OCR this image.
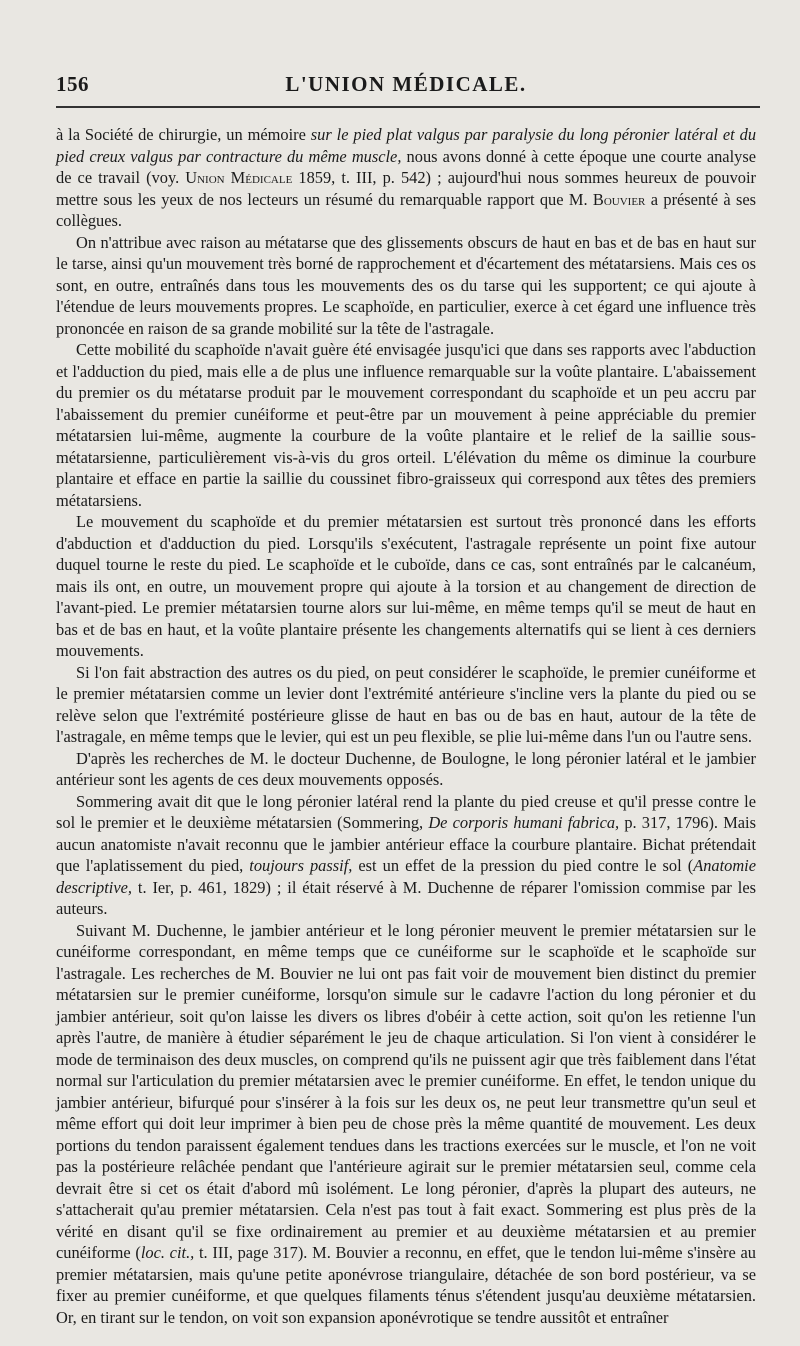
156	L'UNION MÉDICALE.

à la Société de chirurgie, un mémoire sur le pied plat valgus par paralysie du long péronier latéral et du pied creux valgus par contracture du même muscle, nous avons donné à cette époque une courte analyse de ce travail (voy. Union Médicale 1859, t. III, p. 542) ; aujourd'hui nous sommes heureux de pouvoir mettre sous les yeux de nos lecteurs un résumé du remarquable rapport que M. Bouvier a présenté à ses collègues.

On n'attribue avec raison au métatarse que des glissements obscurs de haut en bas et de bas en haut sur le tarse, ainsi qu'un mouvement très borné de rapprochement et d'écartement des métatarsiens. Mais ces os sont, en outre, entraînés dans tous les mouvements des os du tarse qui les supportent; ce qui ajoute à l'étendue de leurs mouvements propres. Le scaphoïde, en particulier, exerce à cet égard une influence très prononcée en raison de sa grande mobilité sur la tête de l'astragale.

Cette mobilité du scaphoïde n'avait guère été envisagée jusqu'ici que dans ses rapports avec l'abduction et l'adduction du pied, mais elle a de plus une influence remarquable sur la voûte plantaire. L'abaissement du premier os du métatarse produit par le mouvement correspondant du scaphoïde et un peu accru par l'abaissement du premier cunéiforme et peut-être par un mouvement à peine appréciable du premier métatarsien lui-même, augmente la courbure de la voûte plantaire et le relief de la saillie sous-métatarsienne, particulièrement vis-à-vis du gros orteil. L'élévation du même os diminue la courbure plantaire et efface en partie la saillie du coussinet fibro-graisseux qui correspond aux têtes des premiers métatarsiens.

Le mouvement du scaphoïde et du premier métatarsien est surtout très prononcé dans les efforts d'abduction et d'adduction du pied. Lorsqu'ils s'exécutent, l'astragale représente un point fixe autour duquel tourne le reste du pied. Le scaphoïde et le cuboïde, dans ce cas, sont entraînés par le calcanéum, mais ils ont, en outre, un mouvement propre qui ajoute à la torsion et au changement de direction de l'avant-pied. Le premier métatarsien tourne alors sur lui-même, en même temps qu'il se meut de haut en bas et de bas en haut, et la voûte plantaire présente les changements alternatifs qui se lient à ces derniers mouvements.

Si l'on fait abstraction des autres os du pied, on peut considérer le scaphoïde, le premier cunéiforme et le premier métatarsien comme un levier dont l'extrémité antérieure s'incline vers la plante du pied ou se relève selon que l'extrémité postérieure glisse de haut en bas ou de bas en haut, autour de la tête de l'astragale, en même temps que le levier, qui est un peu flexible, se plie lui-même dans l'un ou l'autre sens.

D'après les recherches de M. le docteur Duchenne, de Boulogne, le long péronier latéral et le jambier antérieur sont les agents de ces deux mouvements opposés.

Sommering avait dit que le long péronier latéral rend la plante du pied creuse et qu'il presse contre le sol le premier et le deuxième métatarsien (Sommering, De corporis humani fabrica, p. 317, 1796). Mais aucun anatomiste n'avait reconnu que le jambier antérieur efface la courbure plantaire. Bichat prétendait que l'aplatissement du pied, toujours passif, est un effet de la pression du pied contre le sol (Anatomie descriptive, t. Ier, p. 461, 1829) ; il était réservé à M. Duchenne de réparer l'omission commise par les auteurs.

Suivant M. Duchenne, le jambier antérieur et le long péronier meuvent le premier métatarsien sur le cunéiforme correspondant, en même temps que ce cunéiforme sur le scaphoïde et le scaphoïde sur l'astragale. Les recherches de M. Bouvier ne lui ont pas fait voir de mouvement bien distinct du premier métatarsien sur le premier cunéiforme, lorsqu'on simule sur le cadavre l'action du long péronier et du jambier antérieur, soit qu'on laisse les divers os libres d'obéir à cette action, soit qu'on les retienne l'un après l'autre, de manière à étudier séparément le jeu de chaque articulation. Si l'on vient à considérer le mode de terminaison des deux muscles, on comprend qu'ils ne puissent agir que très faiblement dans l'état normal sur l'articulation du premier métatarsien avec le premier cunéiforme. En effet, le tendon unique du jambier antérieur, bifurqué pour s'insérer à la fois sur les deux os, ne peut leur transmettre qu'un seul et même effort qui doit leur imprimer à bien peu de chose près la même quantité de mouvement. Les deux portions du tendon paraissent également tendues dans les tractions exercées sur le muscle, et l'on ne voit pas la postérieure relâchée pendant que l'antérieure agirait sur le premier métatarsien seul, comme cela devrait être si cet os était d'abord mû isolément. Le long péronier, d'après la plupart des auteurs, ne s'attacherait qu'au premier métatarsien. Cela n'est pas tout à fait exact. Sommering est plus près de la vérité en disant qu'il se fixe ordinairement au premier et au deuxième métatarsien et au premier cunéiforme (loc. cit., t. III, page 317). M. Bouvier a reconnu, en effet, que le tendon lui-même s'insère au premier métatarsien, mais qu'une petite aponévrose triangulaire, détachée de son bord postérieur, va se fixer au premier cunéiforme, et que quelques filaments ténus s'étendent jusqu'au deuxième métatarsien. Or, en tirant sur le tendon, on voit son expansion aponévrotique se tendre aussitôt et entraîner
